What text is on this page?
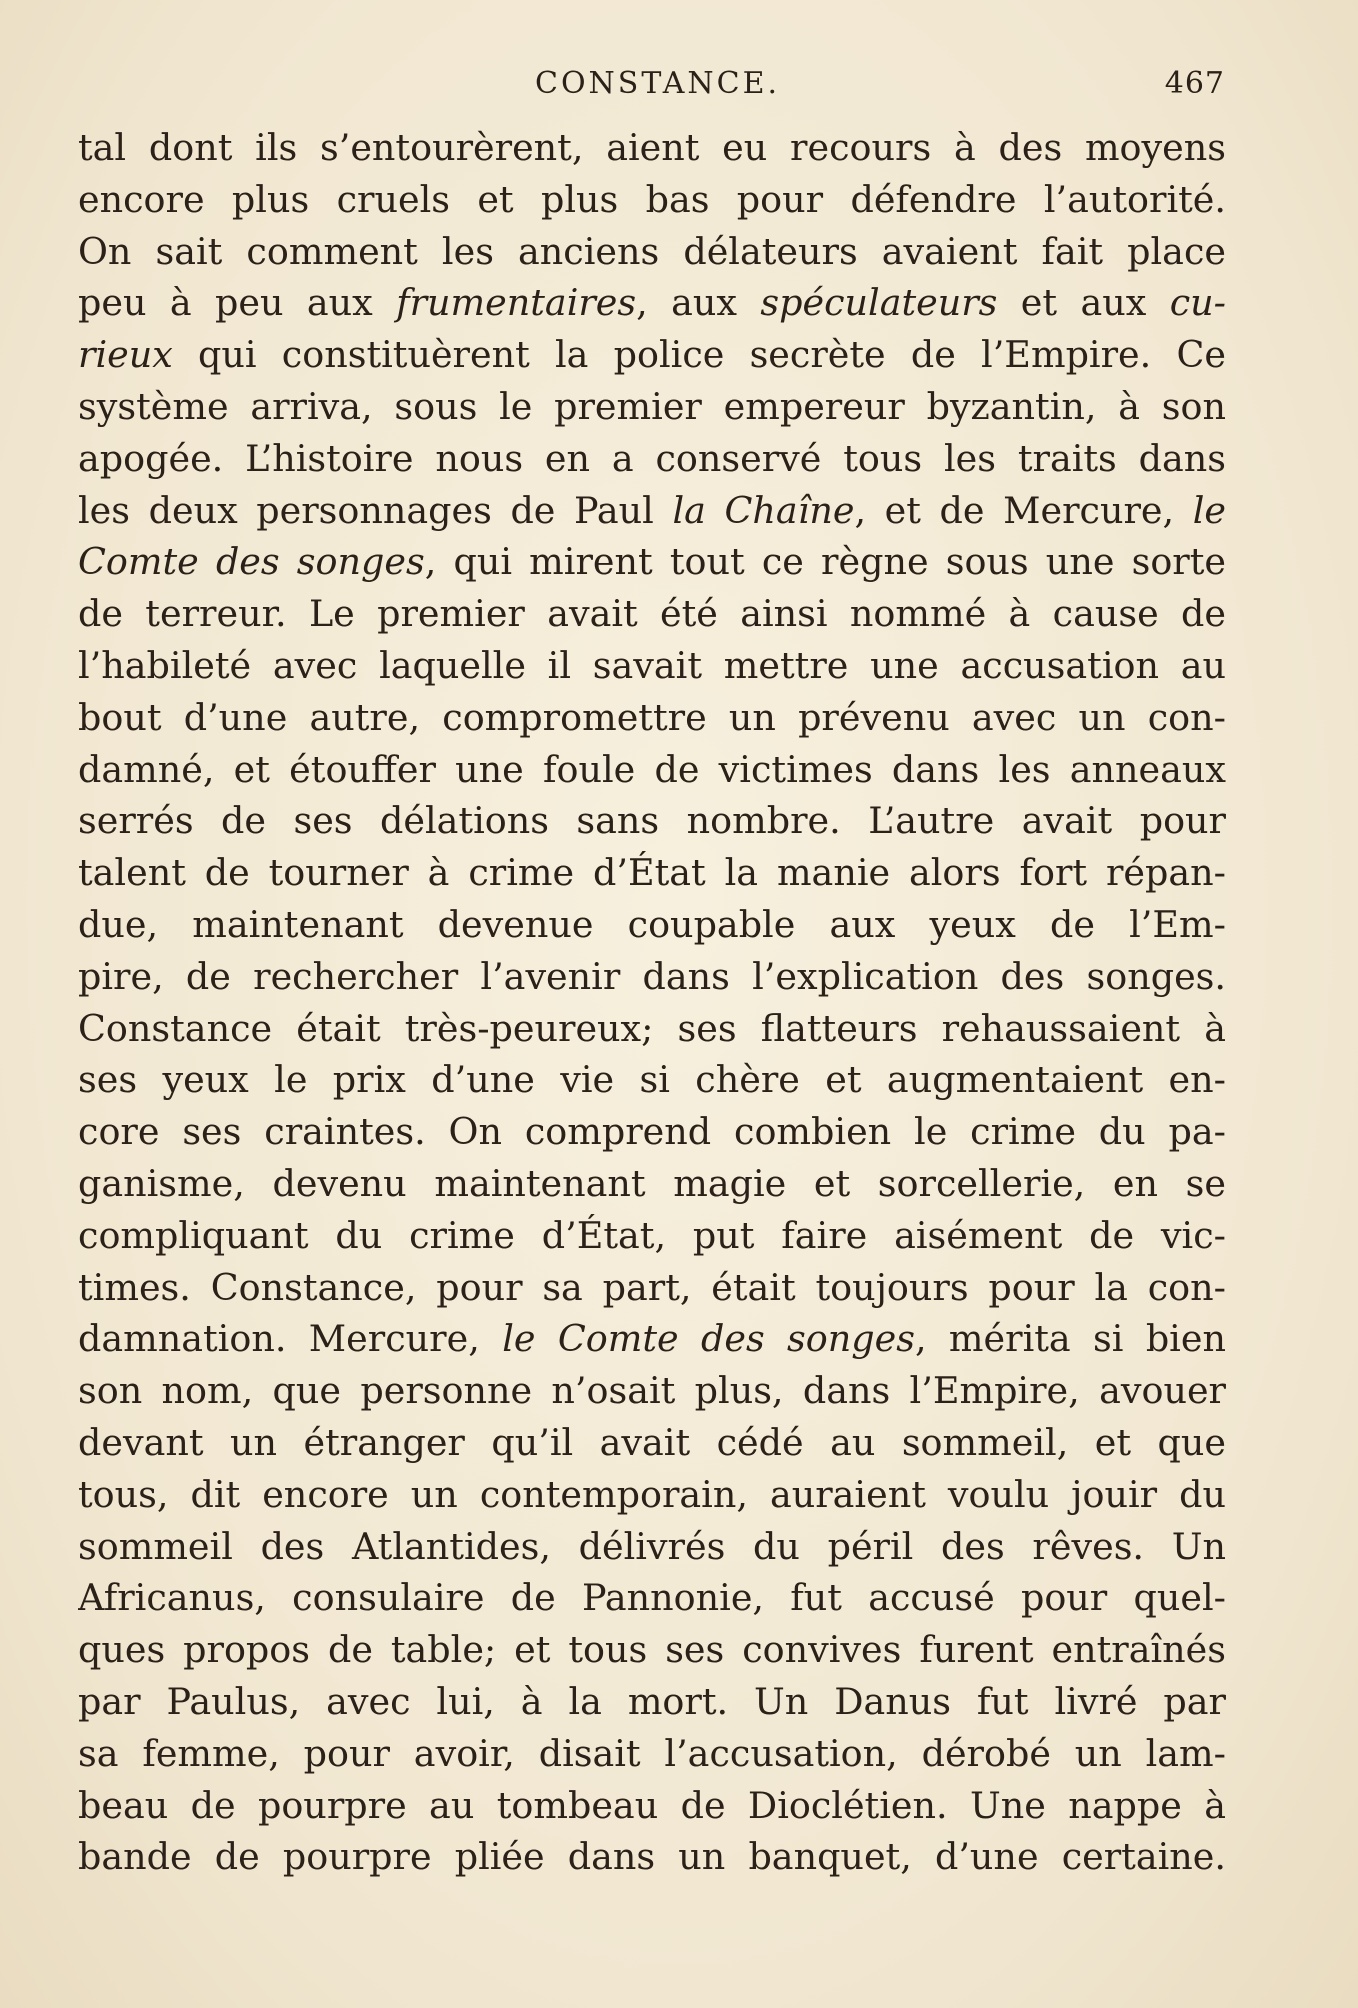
CONSTANCE.	467
tal dont ils s’entourèrent, aient eu recours à des moyens
encore plus cruels et plus bas pour défendre l’autorité.
On sait comment les anciens délateurs avaient fait place
peu à peu aux frumentaires, aux spéculateurs et aux cu-
rieux qui constituèrent la police secrète de l’Empire. Ce
système arriva, sous le premier empereur byzantin, à son
apogée. L’histoire nous en a conservé tous les traits dans
les deux personnages de Paul la Chaîne, et de Mercure, le
Comte des songes, qui mirent tout ce règne sous une sorte
de terreur. Le premier avait été ainsi nommé à cause de
l’habileté avec laquelle il savait mettre une accusation au
bout d’une autre, compromettre un prévenu avec un con-
damné, et étouffer une foule de victimes dans les anneaux
serrés de ses délations sans nombre. L’autre avait pour
talent de tourner à crime d’État la manie alors fort répan-
due, maintenant devenue coupable aux yeux de l’Em-
pire, de rechercher l’avenir dans l’explication des songes.
Constance était très-peureux; ses flatteurs rehaussaient à
ses yeux le prix d’une vie si chère et augmentaient en-
core ses craintes. On comprend combien le crime du pa-
ganisme, devenu maintenant magie et sorcellerie, en se
compliquant du crime d’État, put faire aisément de vic-
times. Constance, pour sa part, était toujours pour la con-
damnation. Mercure, le Comte des songes, mérita si bien
son nom, que personne n’osait plus, dans l’Empire, avouer
devant un étranger qu’il avait cédé au sommeil, et que
tous, dit encore un contemporain, auraient voulu jouir du
sommeil des Atlantides, délivrés du péril des rêves. Un
Africanus, consulaire de Pannonie, fut accusé pour quel-
ques propos de table; et tous ses convives furent entraînés
par Paulus, avec lui, à la mort. Un Danus fut livré par
sa femme, pour avoir, disait l’accusation, dérobé un lam-
beau de pourpre au tombeau de Dioclétien. Une nappe à
bande de pourpre pliée dans un banquet, d’une certaine.
